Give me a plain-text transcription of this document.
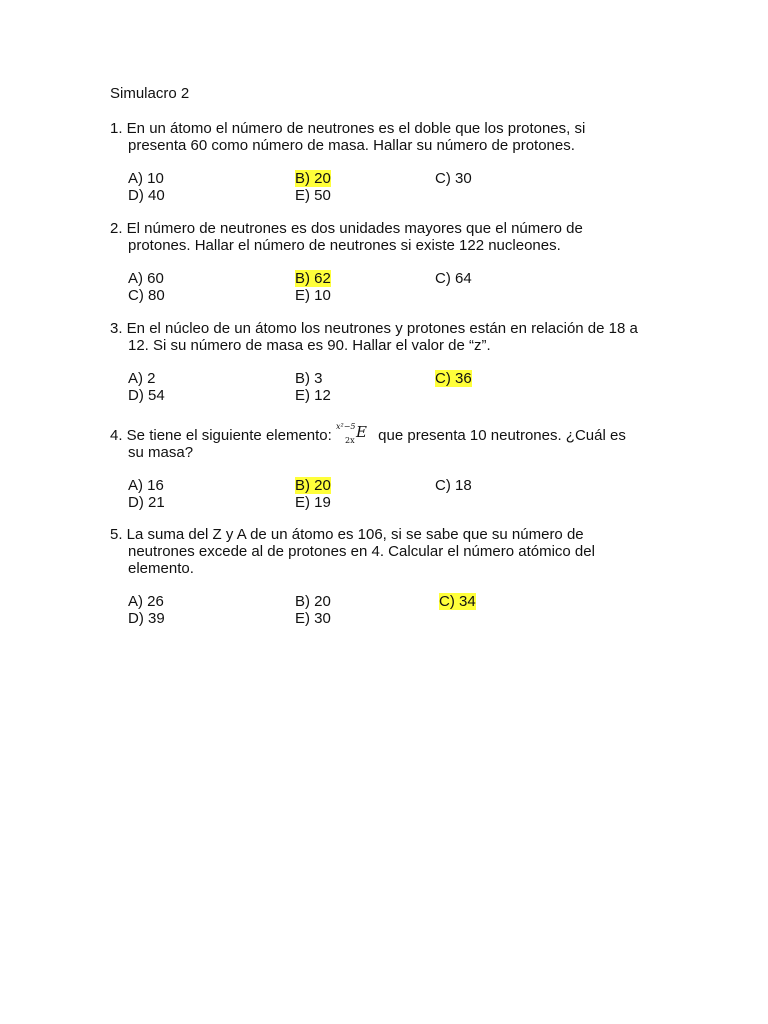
Simulacro 2
1. En un átomo el número de neutrones es el doble que los protones, si
presenta 60 como número de masa. Hallar su número de protones.
A) 10	B) 20	C) 30
D) 40	E) 50
2. El número de neutrones es dos unidades mayores que el número de
protones. Hallar el número de neutrones si existe 122 nucleones.
A) 60	B) 62	C) 64
C) 80	E) 10
3. En el núcleo de un átomo los neutrones y protones están en relación de 18 a
12. Si su número de masa es 90. Hallar el valor de “z”.
A) 2	B) 3	C) 36
D) 54	E) 12
4. Se tiene el siguiente elemento:
x²−5
2x E que presenta 10 neutrones. ¿Cuál es
su masa?
A) 16	B) 20	C) 18
D) 21	E) 19
5. La suma del Z y A de un átomo es 106, si se sabe que su número de
neutrones excede al de protones en 4. Calcular el número atómico del
elemento.
A) 26	B) 20	C) 34
D) 39	E) 30
